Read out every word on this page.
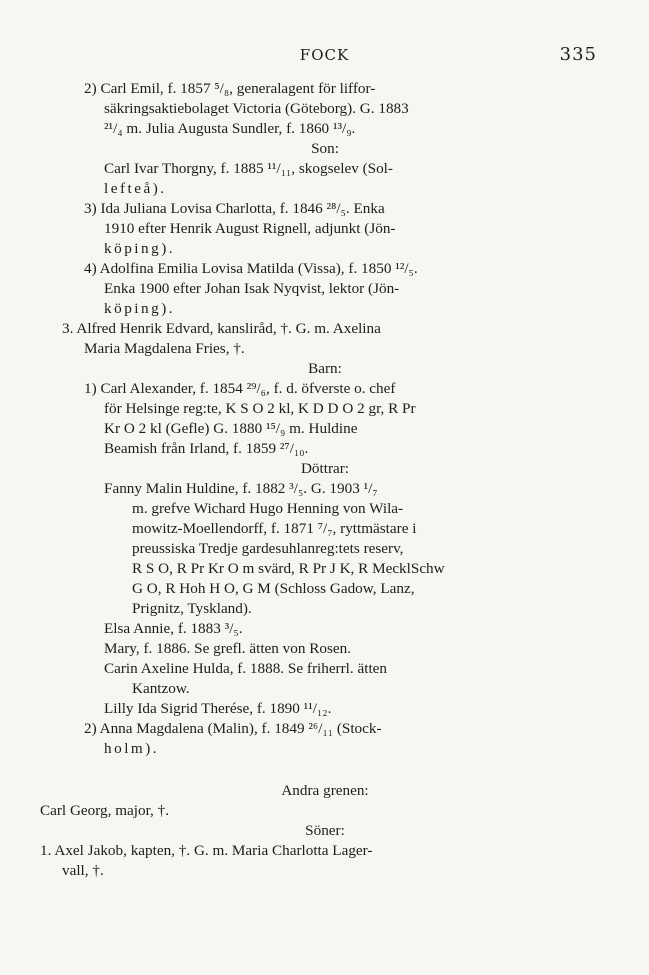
FOCK	335
2) Carl Emil, f. 1857 ⁵/₈, generalagent för liffor-
säkringsaktiebolaget Victoria (Göteborg). G. 1883
²¹/₄ m. Julia Augusta Sundler, f. 1860 ¹³/₉.
Son:
Carl Ivar Thorgny, f. 1885 ¹¹/₁₁, skogselev (Sol-
lefteå).
3) Ida Juliana Lovisa Charlotta, f. 1846 ²⁸/₅. Enka
1910 efter Henrik August Rignell, adjunkt (Jön-
köping).
4) Adolfina Emilia Lovisa Matilda (Vissa), f. 1850 ¹²/₅.
Enka 1900 efter Johan Isak Nyqvist, lektor (Jön-
köping).
3. Alfred Henrik Edvard, kansliråd, †. G. m. Axelina
Maria Magdalena Fries, †.
Barn:
1) Carl Alexander, f. 1854 ²⁹/₆, f. d. öfverste o. chef
för Helsinge reg:te, K S O 2 kl, K D D O 2 gr, R Pr
Kr O 2 kl (Gefle) G. 1880 ¹⁵/₉ m. Huldine
Beamish från Irland, f. 1859 ²⁷/₁₀.
Döttrar:
Fanny Malin Huldine, f. 1882 ³/₅. G. 1903 ¹/₇
m. grefve Wichard Hugo Henning von Wila-
mowitz-Moellendorff, f. 1871 ⁷/₇, ryttmästare i
preussiska Tredje gardesuhlanreg:tets reserv,
R S O, R Pr Kr O m svärd, R Pr J K, R MecklSchw
G O, R Hoh H O, G M (Schloss Gadow, Lanz,
Prignitz, Tyskland).
Elsa Annie, f. 1883 ³/₅.
Mary, f. 1886. Se grefl. ätten von Rosen.
Carin Axeline Hulda, f. 1888. Se friherrl. ätten
Kantzow.
Lilly Ida Sigrid Therése, f. 1890 ¹¹/₁₂.
2) Anna Magdalena (Malin), f. 1849 ²⁶/₁₁ (Stock-
holm).
Andra grenen:
Carl Georg, major, †.
Söner:
1. Axel Jakob, kapten, †. G. m. Maria Charlotta Lager-
vall, †.
